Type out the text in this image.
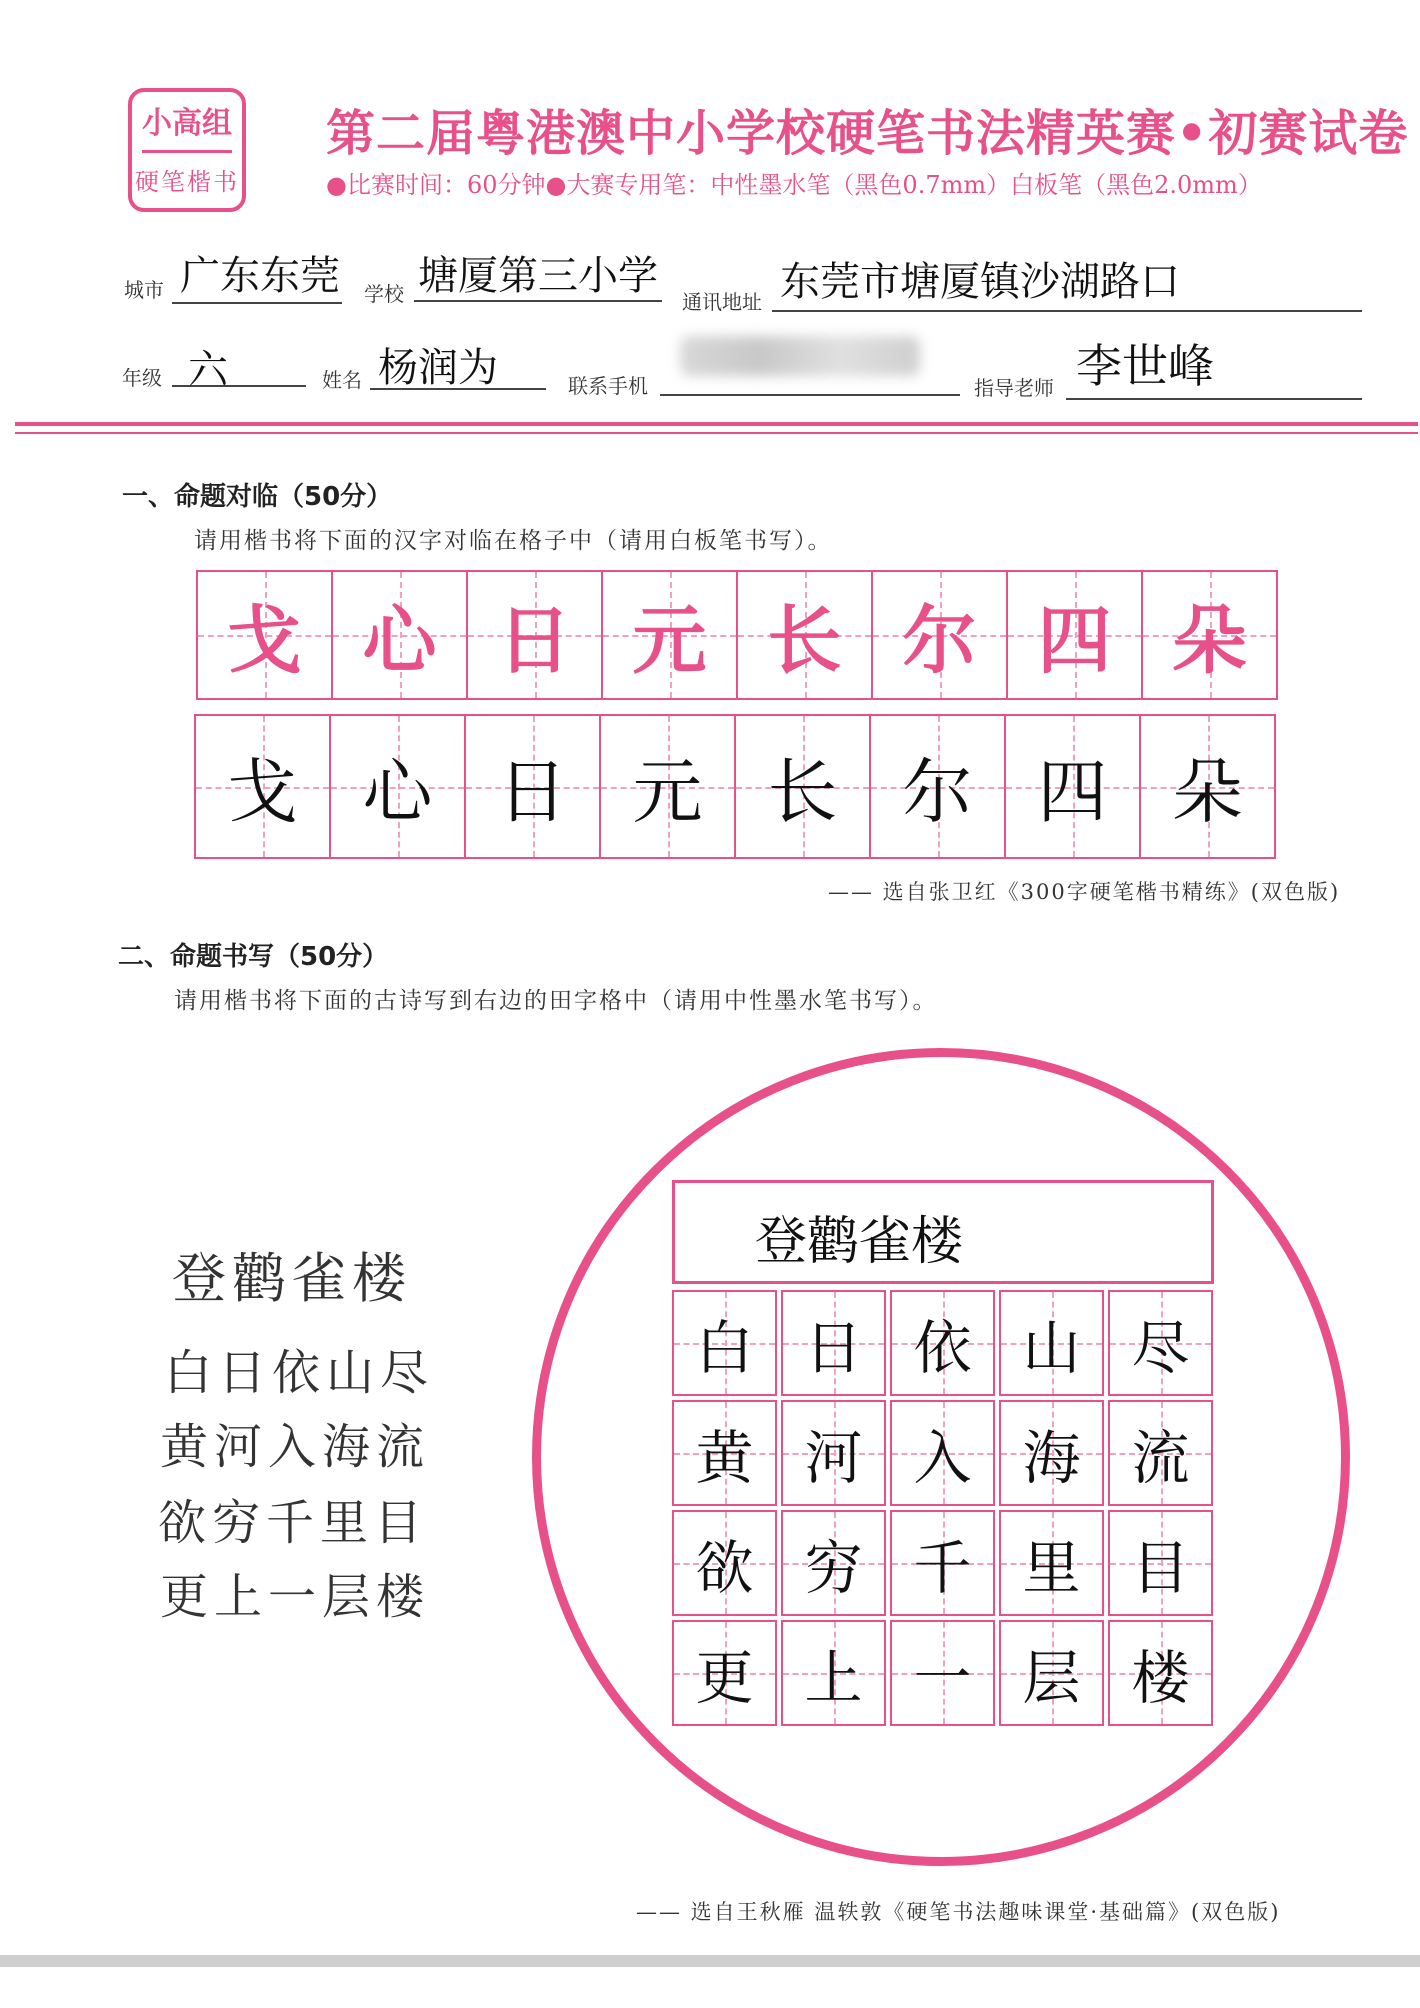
小高组
硬笔楷书
第二届粤港澳中小学校硬笔书法精英赛•初赛试卷
●比赛时间：60分钟●大赛专用笔：中性墨水笔（黑色0.7mm）白板笔（黑色2.0mm）
城市 广东东莞 学校 塘厦第三小学
通讯地址 东莞市塘厦镇沙湖路口
年级 六	姓名 杨润为	联系手机	指导老师 李世峰
一、命题对临（50分）
请用楷书将下面的汉字对临在格子中（请用白板笔书写）。
戈 心 日 元 长 尔 四 朵
戈 心 日 元 长 尔 四 朵
—— 选自张卫红《300字硬笔楷书精练》(双色版)
二、命题书写（50分）
请用楷书将下面的古诗写到右边的田字格中（请用中性墨水笔书写）。
登鹳雀楼
白日依山尽
黄河入海流
欲穷千里目
更上一层楼
登鹳雀楼
白 日 依 山 尽
黄 河 入 海 流
欲 穷 千 里 目
更 上 一 层 楼
—— 选自王秋雁 温轶敦《硬笔书法趣味课堂·基础篇》(双色版)
